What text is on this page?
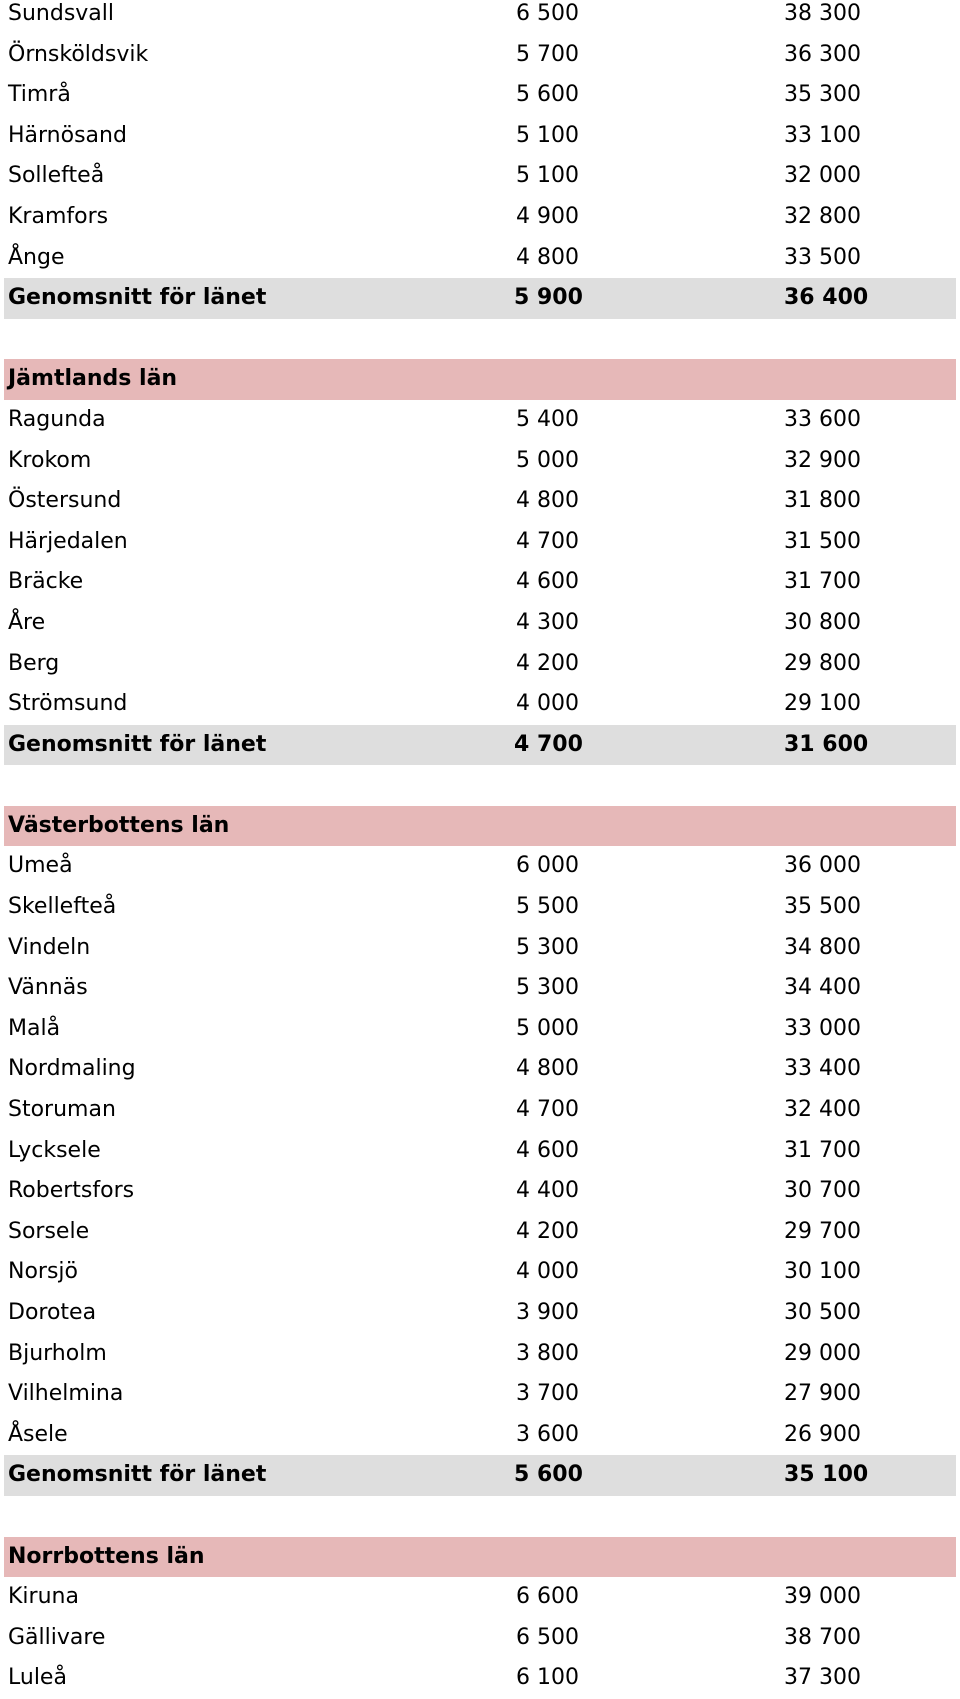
Sundsvall	6 500	38 300
Örnsköldsvik	5 700	36 300
Timrå	5 600	35 300
Härnösand	5 100	33 100
Sollefteå	5 100	32 000
Kramfors	4 900	32 800
Ånge	4 800	33 500
Genomsnitt för länet	5 900	36 400
Jämtlands län
Ragunda	5 400	33 600
Krokom	5 000	32 900
Östersund	4 800	31 800
Härjedalen	4 700	31 500
Bräcke	4 600	31 700
Åre	4 300	30 800
Berg	4 200	29 800
Strömsund	4 000	29 100
Genomsnitt för länet	4 700	31 600
Västerbottens län
Umeå	6 000	36 000
Skellefteå	5 500	35 500
Vindeln	5 300	34 800
Vännäs	5 300	34 400
Malå	5 000	33 000
Nordmaling	4 800	33 400
Storuman	4 700	32 400
Lycksele	4 600	31 700
Robertsfors	4 400	30 700
Sorsele	4 200	29 700
Norsjö	4 000	30 100
Dorotea	3 900	30 500
Bjurholm	3 800	29 000
Vilhelmina	3 700	27 900
Åsele	3 600	26 900
Genomsnitt för länet	5 600	35 100
Norrbottens län
Kiruna	6 600	39 000
Gällivare	6 500	38 700
Luleå	6 100	37 300
